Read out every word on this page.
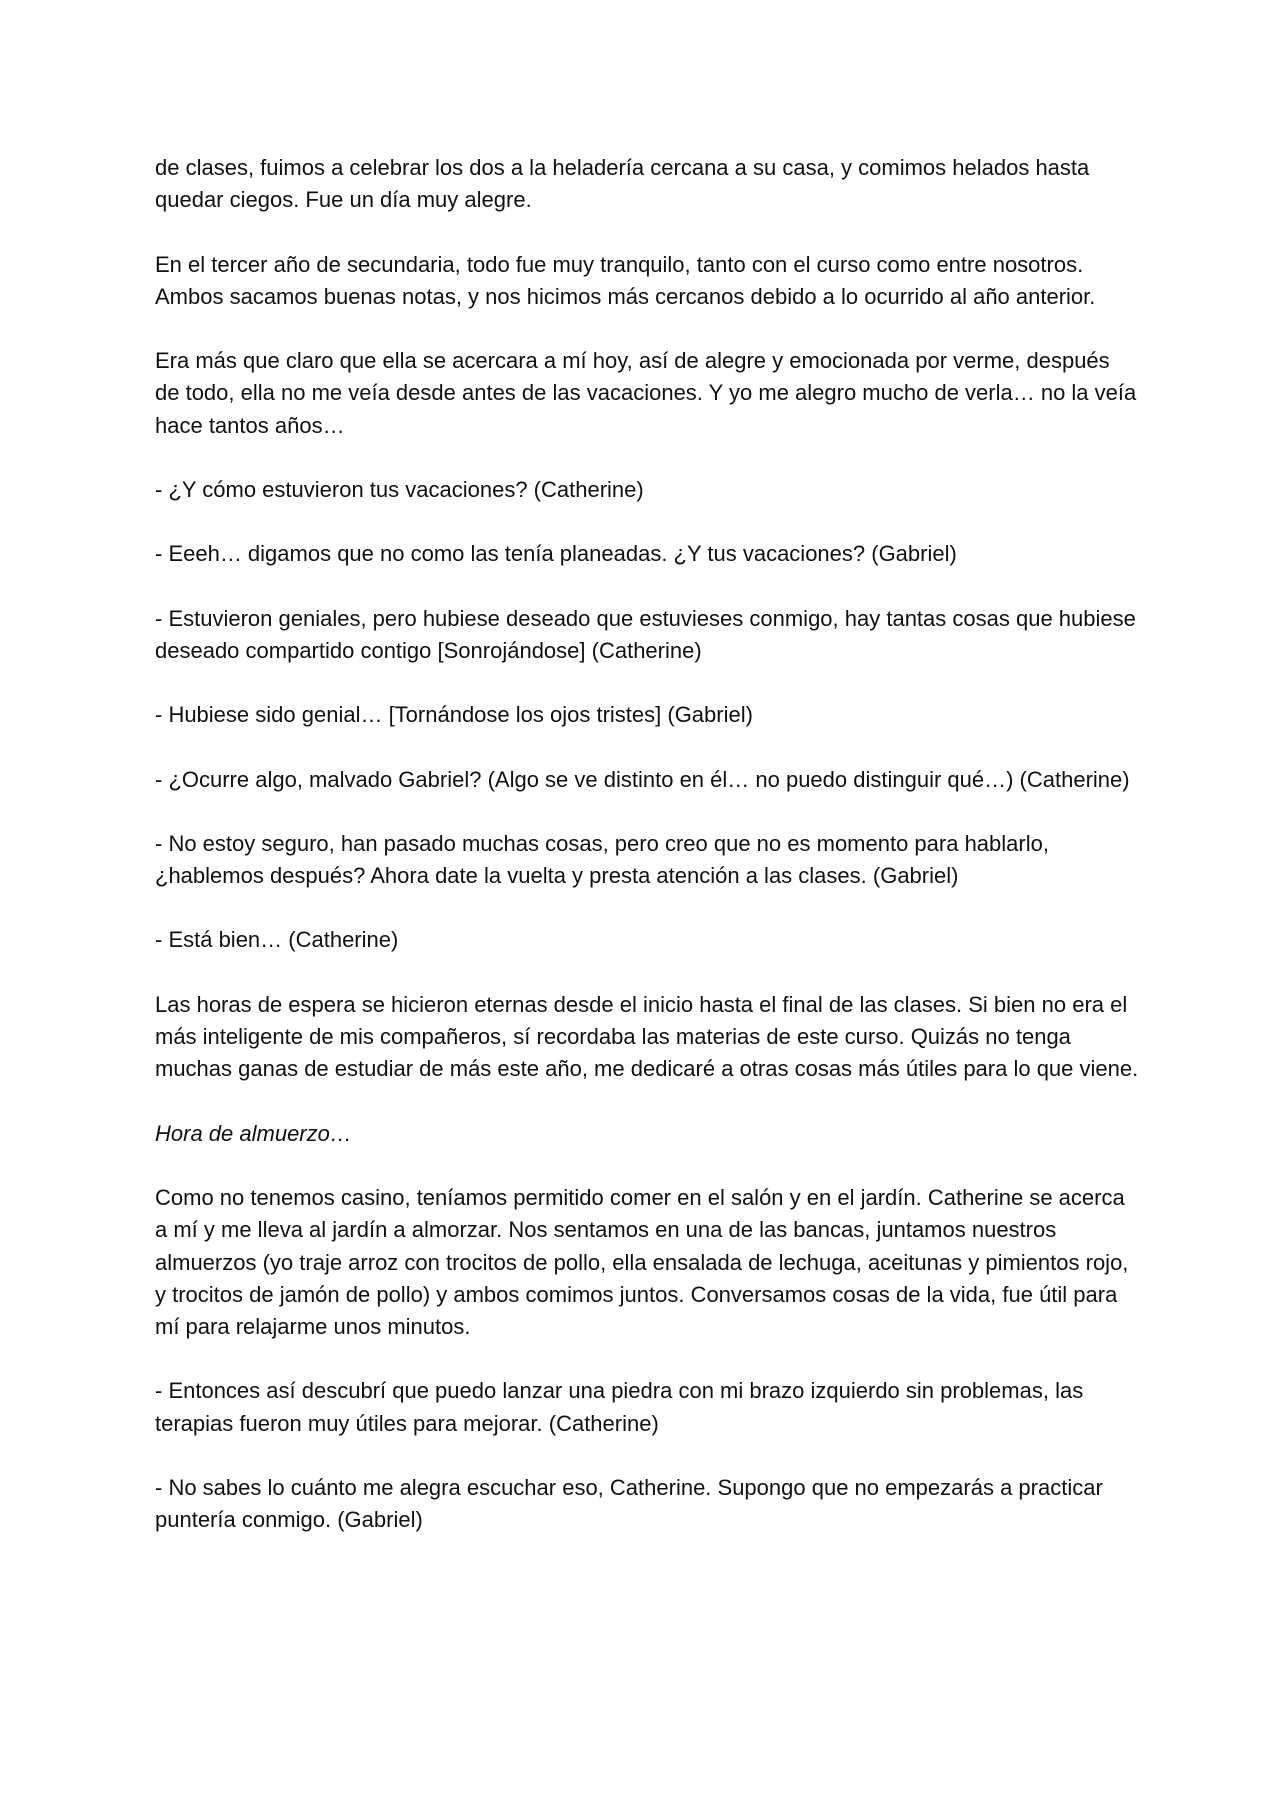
de clases, fuimos a celebrar los dos a la heladería cercana a su casa, y comimos helados hasta quedar ciegos. Fue un día muy alegre.

En el tercer año de secundaria, todo fue muy tranquilo, tanto con el curso como entre nosotros. Ambos sacamos buenas notas, y nos hicimos más cercanos debido a lo ocurrido al año anterior.

Era más que claro que ella se acercara a mí hoy, así de alegre y emocionada por verme, después de todo, ella no me veía desde antes de las vacaciones. Y yo me alegro mucho de verla… no la veía hace tantos años…

- ¿Y cómo estuvieron tus vacaciones? (Catherine)

- Eeeh… digamos que no como las tenía planeadas. ¿Y tus vacaciones? (Gabriel)

- Estuvieron geniales, pero hubiese deseado que estuvieses conmigo, hay tantas cosas que hubiese deseado compartido contigo [Sonrojándose] (Catherine)

- Hubiese sido genial… [Tornándose los ojos tristes] (Gabriel)

- ¿Ocurre algo, malvado Gabriel? (Algo se ve distinto en él… no puedo distinguir qué…) (Catherine)

- No estoy seguro, han pasado muchas cosas, pero creo que no es momento para hablarlo, ¿hablemos después? Ahora date la vuelta y presta atención a las clases. (Gabriel)

- Está bien… (Catherine)

Las horas de espera se hicieron eternas desde el inicio hasta el final de las clases. Si bien no era el más inteligente de mis compañeros, sí recordaba las materias de este curso. Quizás no tenga muchas ganas de estudiar de más este año, me dedicaré a otras cosas más útiles para lo que viene.

Hora de almuerzo…

Como no tenemos casino, teníamos permitido comer en el salón y en el jardín. Catherine se acerca a mí y me lleva al jardín a almorzar. Nos sentamos en una de las bancas, juntamos nuestros almuerzos (yo traje arroz con trocitos de pollo, ella ensalada de lechuga, aceitunas y pimientos rojo, y trocitos de jamón de pollo) y ambos comimos juntos. Conversamos cosas de la vida, fue útil para mí para relajarme unos minutos.

- Entonces así descubrí que puedo lanzar una piedra con mi brazo izquierdo sin problemas, las terapias fueron muy útiles para mejorar. (Catherine)

- No sabes lo cuánto me alegra escuchar eso, Catherine. Supongo que no empezarás a practicar puntería conmigo. (Gabriel)
